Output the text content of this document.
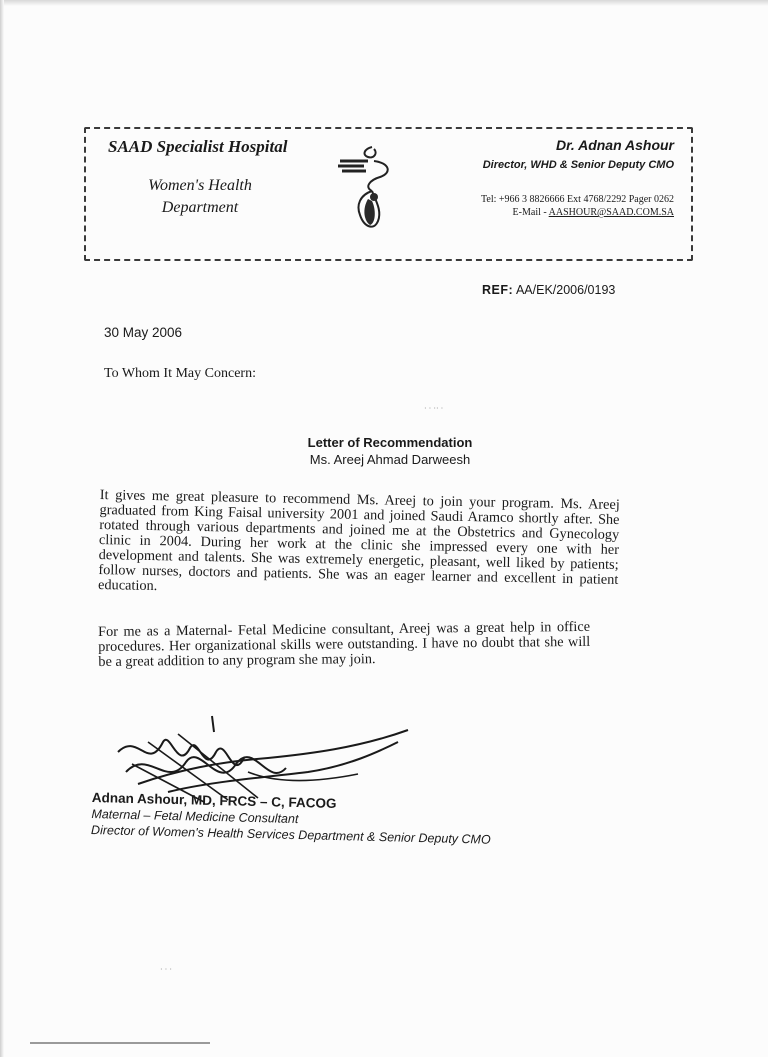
SAAD Specialist Hospital
Women's Health
Department
Dr. Adnan Ashour
Director, WHD & Senior Deputy CMO
Tel: +966 3 8826666 Ext 4768/2292 Pager 0262
E-Mail - AASHOUR@SAAD.COM.SA
REF: AA/EK/2006/0193
30 May 2006
To Whom It May Concern:
· · ·· ·
Letter of Recommendation
Ms. Areej Ahmad Darweesh
It gives me great pleasure to recommend Ms. Areej to join your program. Ms. Areej graduated from King Faisal university 2001 and joined Saudi Aramco shortly after. She rotated through various departments and joined me at the Obstetrics and Gynecology clinic in 2004. During her work at the clinic she impressed every one with her development and talents. She was extremely energetic, pleasant, well liked by patients; follow nurses, doctors and patients. She was an eager learner and excellent in patient education.
For me as a Maternal- Fetal Medicine consultant, Areej was a great help in office procedures. Her organizational skills were outstanding. I have no doubt that she will be a great addition to any program she may join.
Adnan Ashour, MD, FRCS – C, FACOG
Maternal – Fetal Medicine Consultant
Director of Women's Health Services Department & Senior Deputy CMO
· · ·
